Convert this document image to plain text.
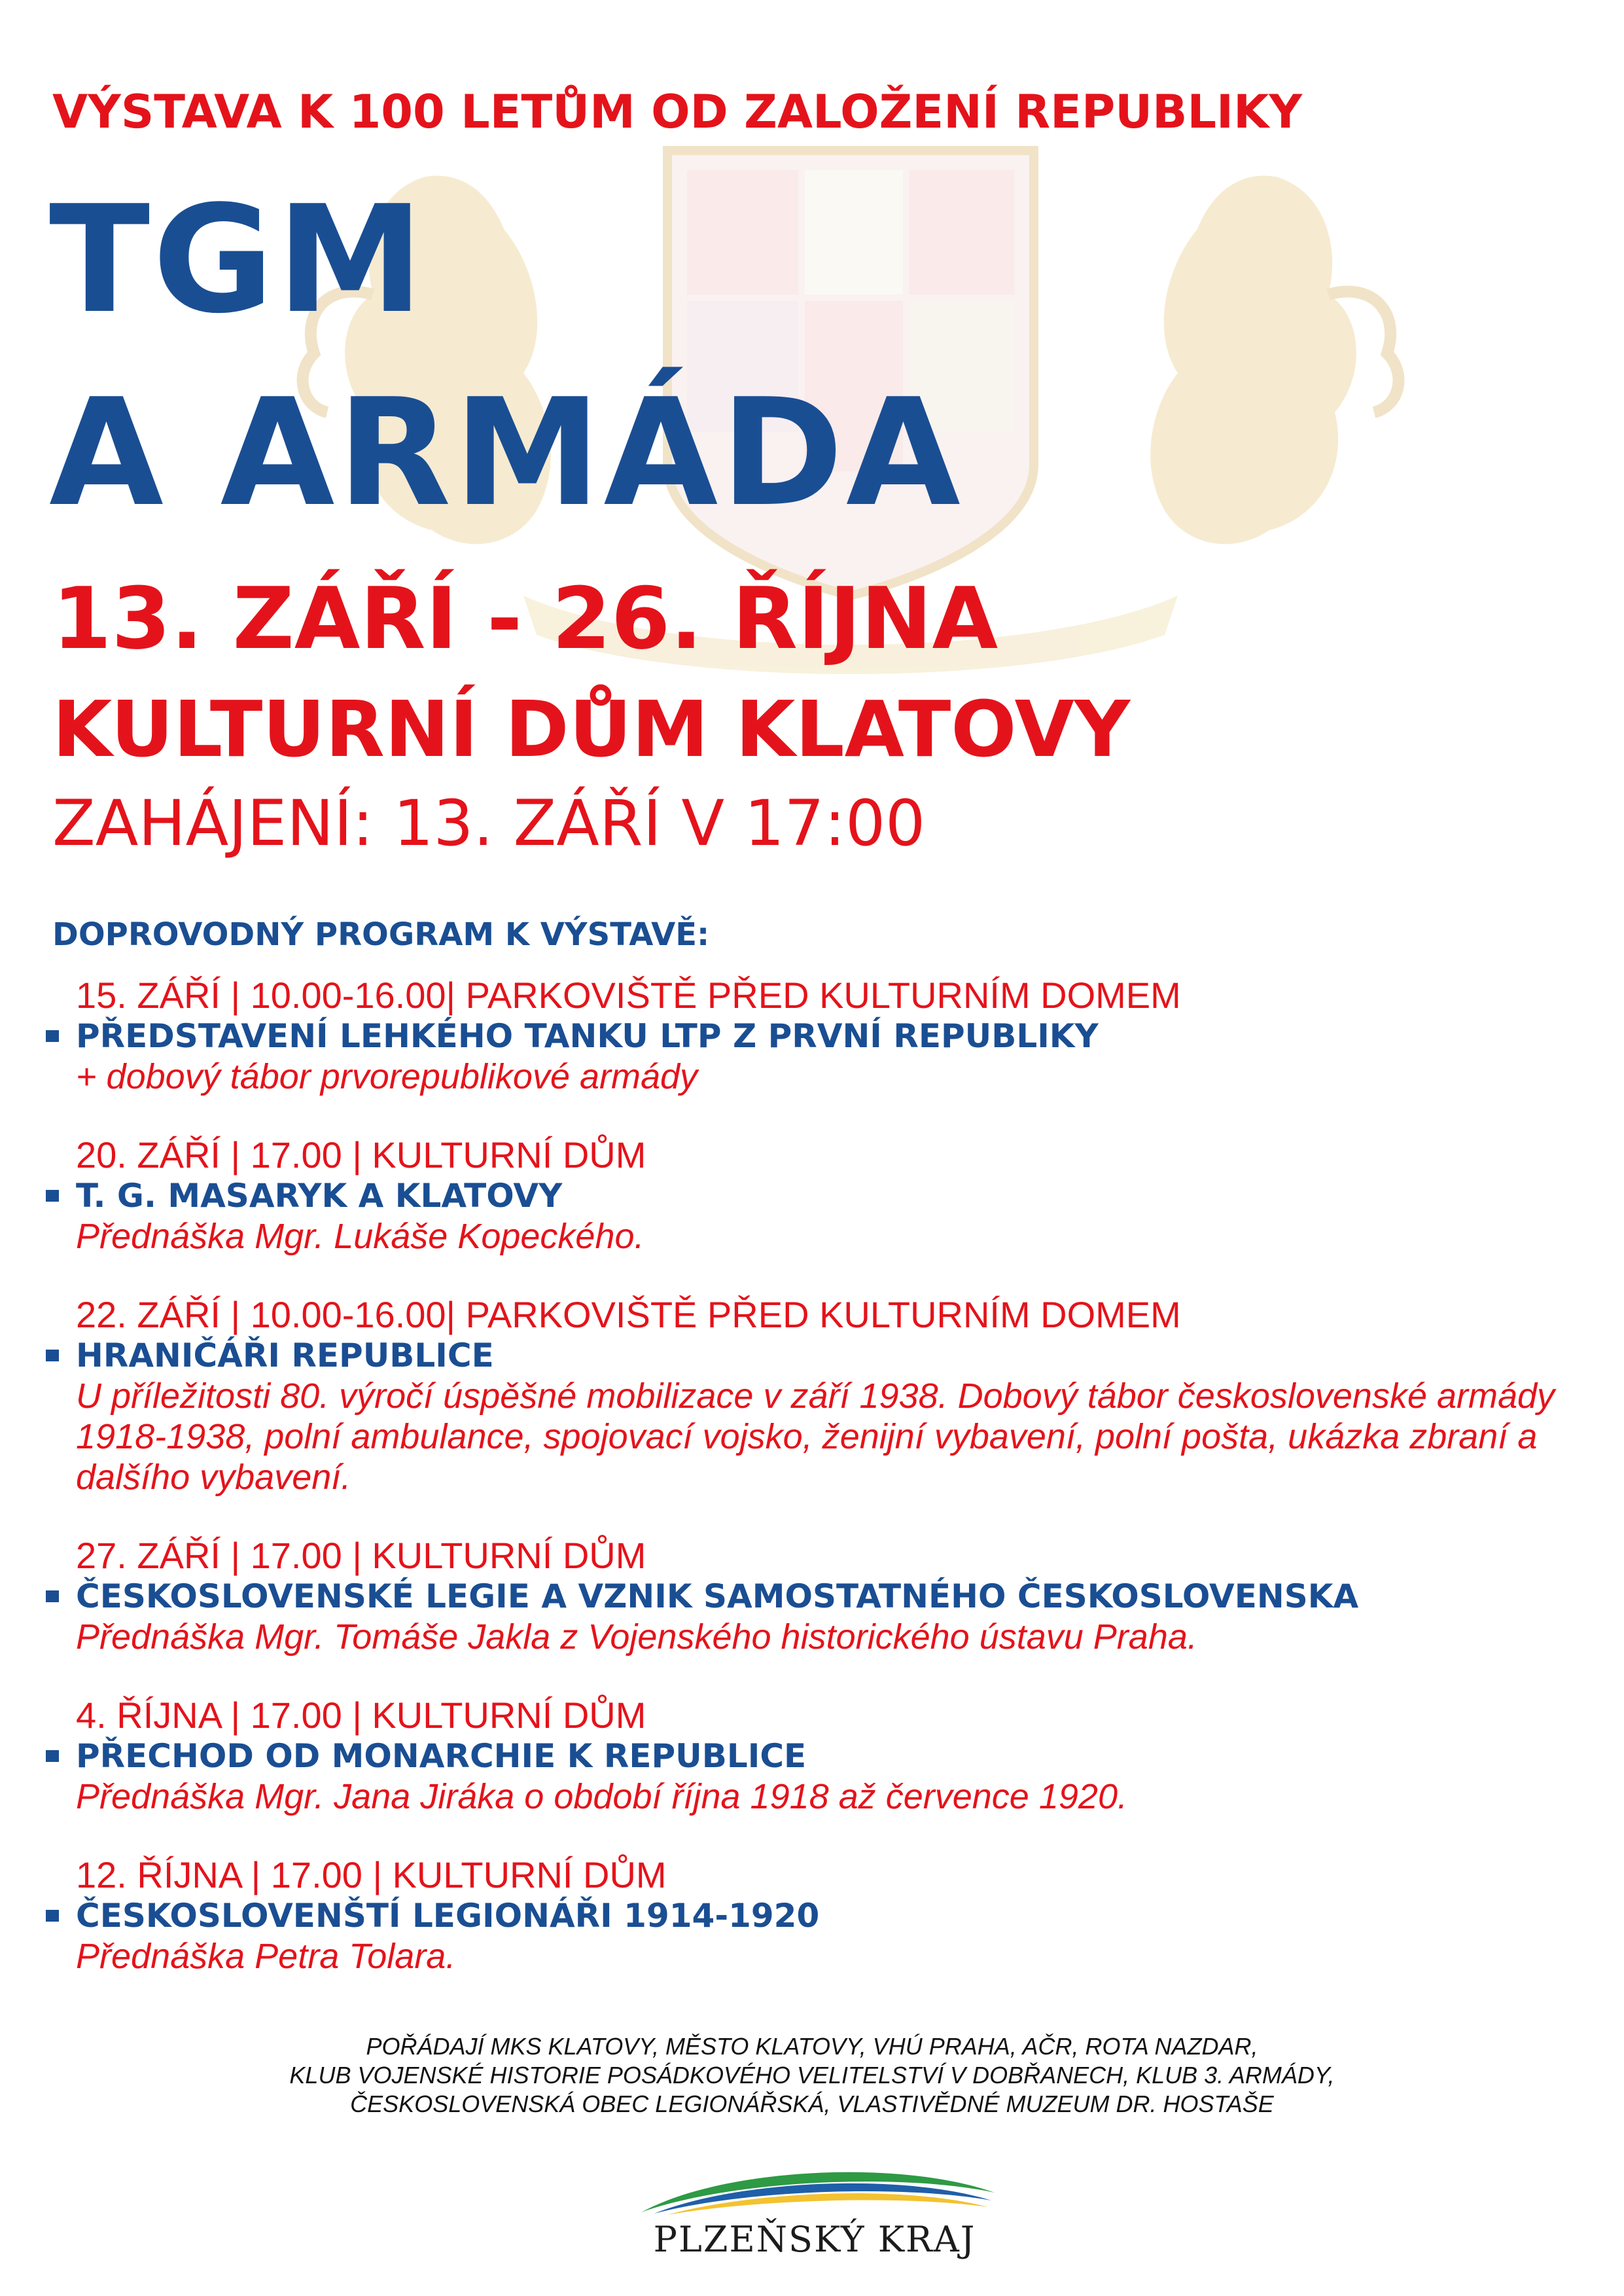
VÝSTAVA K 100 LETŮM OD ZALOŽENÍ REPUBLIKY
TGM
A ARMÁDA
13. ZÁŘÍ - 26. ŘÍJNA
KULTURNÍ DŮM KLATOVY
ZAHÁJENÍ: 13. ZÁŘÍ V 17:00
DOPROVODNÝ PROGRAM K VÝSTAVĚ:
15. ZÁŘÍ | 10.00-16.00| PARKOVIŠTĚ PŘED KULTURNÍM DOMEM
PŘEDSTAVENÍ LEHKÉHO TANKU LTP Z PRVNÍ REPUBLIKY
+ dobový tábor prvorepublikové armády
20. ZÁŘÍ | 17.00 | KULTURNÍ DŮM
T. G. MASARYK A KLATOVY
Přednáška Mgr. Lukáše Kopeckého.
22. ZÁŘÍ | 10.00-16.00| PARKOVIŠTĚ PŘED KULTURNÍM DOMEM
HRANIČÁŘI REPUBLICE
U příležitosti 80. výročí úspěšné mobilizace v září 1938. Dobový tábor československé armády 1918-1938, polní ambulance, spojovací vojsko, ženijní vybavení, polní pošta, ukázka zbraní a dalšího vybavení.
27. ZÁŘÍ | 17.00 | KULTURNÍ DŮM
ČESKOSLOVENSKÉ LEGIE A VZNIK SAMOSTATNÉHO ČESKOSLOVENSKA
Přednáška Mgr. Tomáše Jakla z Vojenského historického ústavu Praha.
4. ŘÍJNA | 17.00 | KULTURNÍ DŮM
PŘECHOD OD MONARCHIE K REPUBLICE
Přednáška Mgr. Jana Jiráka o období října 1918 až července 1920.
12. ŘÍJNA | 17.00 | KULTURNÍ DŮM
ČESKOSLOVENŠTÍ LEGIONÁŘI 1914-1920
Přednáška Petra Tolara.
POŘÁDAJÍ MKS KLATOVY, MĚSTO KLATOVY, VHÚ PRAHA, AČR, ROTA NAZDAR,
KLUB VOJENSKÉ HISTORIE POSÁDKOVÉHO VELITELSTVÍ V DOBŘANECH, KLUB 3. ARMÁDY,
ČESKOSLOVENSKÁ OBEC LEGIONÁŘSKÁ, VLASTIVĚDNÉ MUZEUM DR. HOSTAŠE
PLZEŇSKÝ KRAJ
